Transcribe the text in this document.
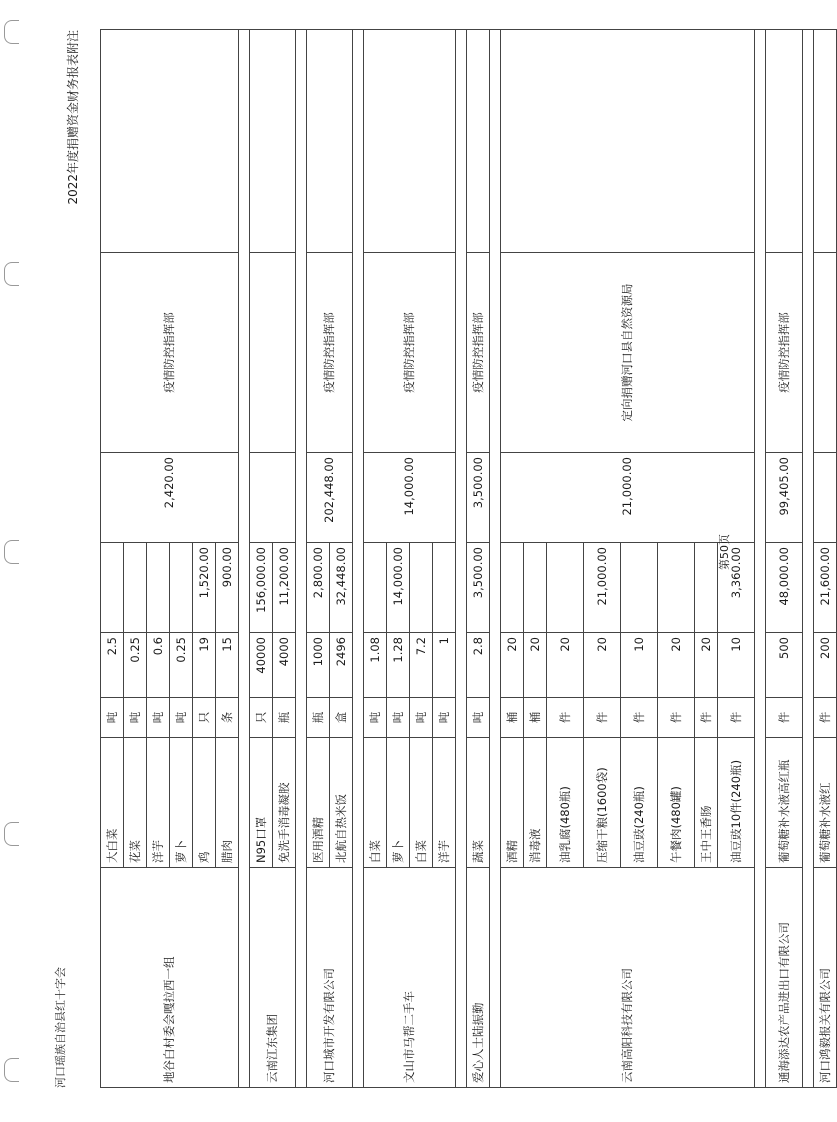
河口瑶族自治县红十字会
2022年度捐赠资金财务报表附注
地谷白村委会嘎拉西一组	大白菜	吨	2.5		2,420.00	疫情防控指挥部	
	花菜	吨	0.25				
	洋芋	吨	0.6				
	萝卜	吨	0.25				
	鸡	只	19	1,520.00			
	腊肉	条	15	900.00			

云南江东集团	N95口罩	只	40000	156,000.00			
	免洗手消毒凝胶	瓶	4000	11,200.00			

河口城市开发有限公司	医用酒精	瓶	1000	2,800.00	202,448.00	疫情防控指挥部	
	北航自热米饭	盒	2496	32,448.00			

文山市马帮二手车	白菜	吨	1.08		14,000.00	疫情防控指挥部	
	萝卜	吨	1.28	14,000.00			
	白菜	吨	7.2				
	洋芋	吨	1				

爱心人士陆振勤	蔬菜	吨	2.8	3,500.00	3,500.00	疫情防控指挥部	

云南高阳科技有限公司	酒精	桶	20		21,000.00	定向捐赠河口县自然资源局	
	消毒液	桶	20				
	油乳腐(480瓶)	件	20				
	压缩干粮(1600袋)	件	20	21,000.00			
	油豆豉(240瓶)	件	10				
	午餐肉(480罐)	件	20				
	王中王香肠	件	20				
	油豆豉10件(240瓶)	件	10	3,360.00			

通海添达农产品进出口有限公司	葡萄糖补水液高红瓶	件	500	48,000.00	99,405.00	疫情防控指挥部	

河口鸿毅报关有限公司	葡萄糖补水液红	件	200	21,600.00			
第50页
